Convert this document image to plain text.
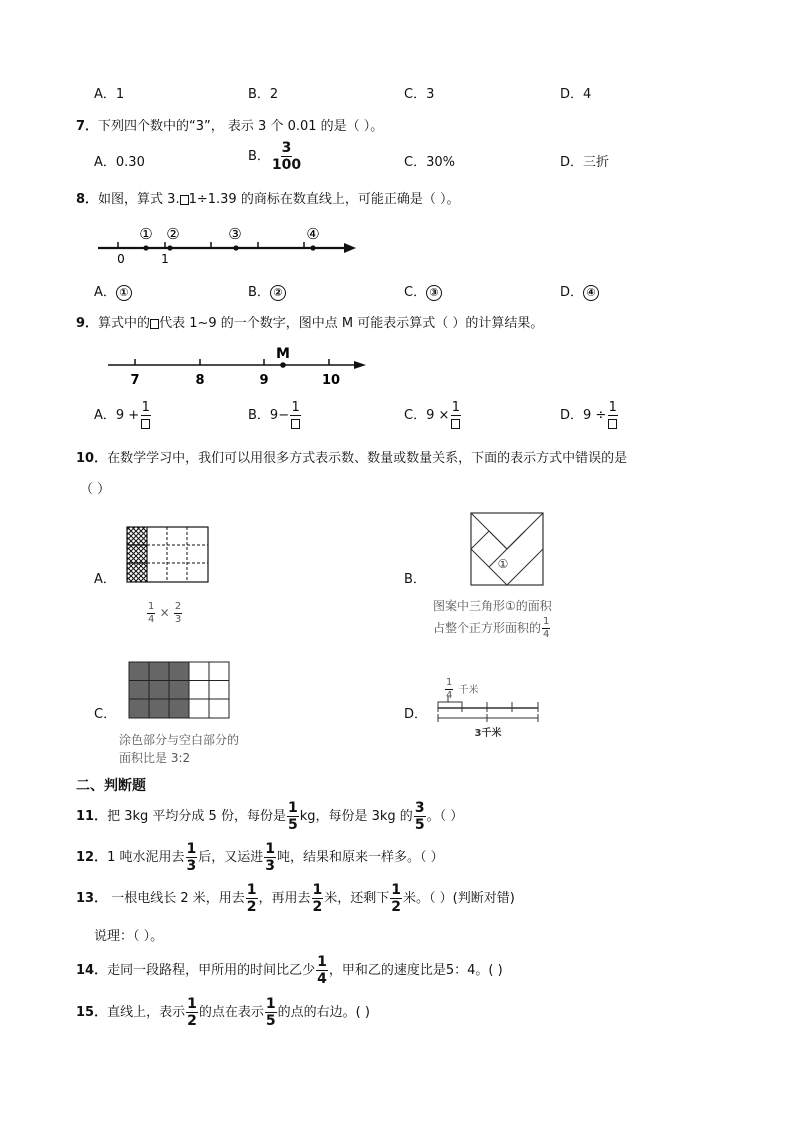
A．1	B．2	C．3	D．4
7．下列四个数中的“3”， 表示 3 个 0.01 的是（ ）。
A．0.30	B． $\frac{3}{100}$	C．30%	D．三折
8．如图，算式 3. 1÷1.39 的商标在数直线上，可能正确是（ ）。
① ②	③	④
0	1
A． ①	B． ②	C． ③	D． ④
9．算式中的 代表 1~9 的一个数字，图中点 M 可能表示算式（ ）的计算结果。
M
7	8	9	10
A．9 +
1
B．9−
1
C．9 ×
1
D．9 ÷
1
10．在数学学习中，我们可以用很多方式表示数、数量或数量关系，下面的表示方式中错误的是
（ ）
A．
$\frac{1}{4} \times \frac{2}{3}$
B．
①
图案中三角形①的面积
占整个正方形面积的 $\frac{1}{4}$
C．
涂色部分与空白部分的
面积比是 3:2
D．
$\frac{1}{4}$ 千米
3千米
二、判断题
11．把 3kg 平均分成 5 份，每份是 $\frac{1}{5}$ kg，每份是 3kg 的 $\frac{3}{5}$ 。（ ）
12．1 吨水泥用去 $\frac{1}{3}$ 后，又运进 $\frac{1}{3}$ 吨，结果和原来一样多。（ ）
13． 一根电线长 2 米，用去 $\frac{1}{2}$ ，再用去 $\frac{1}{2}$ 米，还剩下 $\frac{1}{2}$ 米。（ ）(判断对错)
说理：（ ）。
14．走同一段路程，甲所用的时间比乙少 $\frac{1}{4}$ ，甲和乙的速度比是5：4。( )
15．直线上，表示 $\frac{1}{2}$ 的点在表示 $\frac{1}{5}$ 的点的右边。( )
